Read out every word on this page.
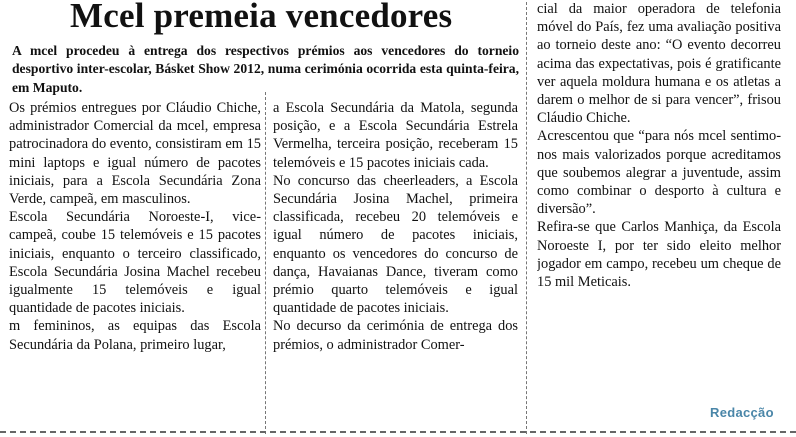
Mcel premeia vencedores

A mcel procedeu à entrega dos respectivos prémios aos vencedores do torneio desportivo inter-escolar, Básket Show 2012, numa cerimónia ocorrida esta quinta-feira, em Maputo.

Os prémios entregues por Cláudio Chiche, administrador Comercial da mcel, empresa patrocinadora do evento, consistiram em 15 mini laptops e igual número de pacotes iniciais, para a Escola Secundária Zona Verde, campeã, em masculinos.

Escola Secundária Noroeste-I, vice-campeã, coube 15 telemóveis e 15 pacotes iniciais, enquanto o terceiro classificado, Escola Secundária Josina Machel recebeu igualmente 15 telemóveis e igual quantidade de pacotes iniciais.

m femininos, as equipas das Escola Secundária da Polana, primeiro lugar,

a Escola Secundária da Matola, segunda posição, e a Escola Secundária Estrela Vermelha, terceira posição, receberam 15 telemóveis e 15 pacotes iniciais cada.

No concurso das cheerleaders, a Escola Secundária Josina Machel, primeira classificada, recebeu 20 telemóveis e igual número de pacotes iniciais, enquanto os vencedores do concurso de dança, Havaianas Dance, tiveram como prémio quarto telemóveis e igual quantidade de pacotes iniciais.

No decurso da cerimónia de entrega dos prémios, o administrador Comer-

cial da maior operadora de telefonia móvel do País, fez uma avaliação positiva ao torneio deste ano: “O evento decorreu acima das expectativas, pois é gratificante ver aquela moldura humana e os atletas a darem o melhor de si para vencer”, frisou Cláudio Chiche.

Acrescentou que “para nós mcel sentimo-nos mais valorizados porque acreditamos que soubemos alegrar a juventude, assim como combinar o desporto à cultura e diversão”.

Refira-se que Carlos Manhiça, da Escola Noroeste I, por ter sido eleito melhor jogador em campo, recebeu um cheque de 15 mil Meticais.

Redacção
